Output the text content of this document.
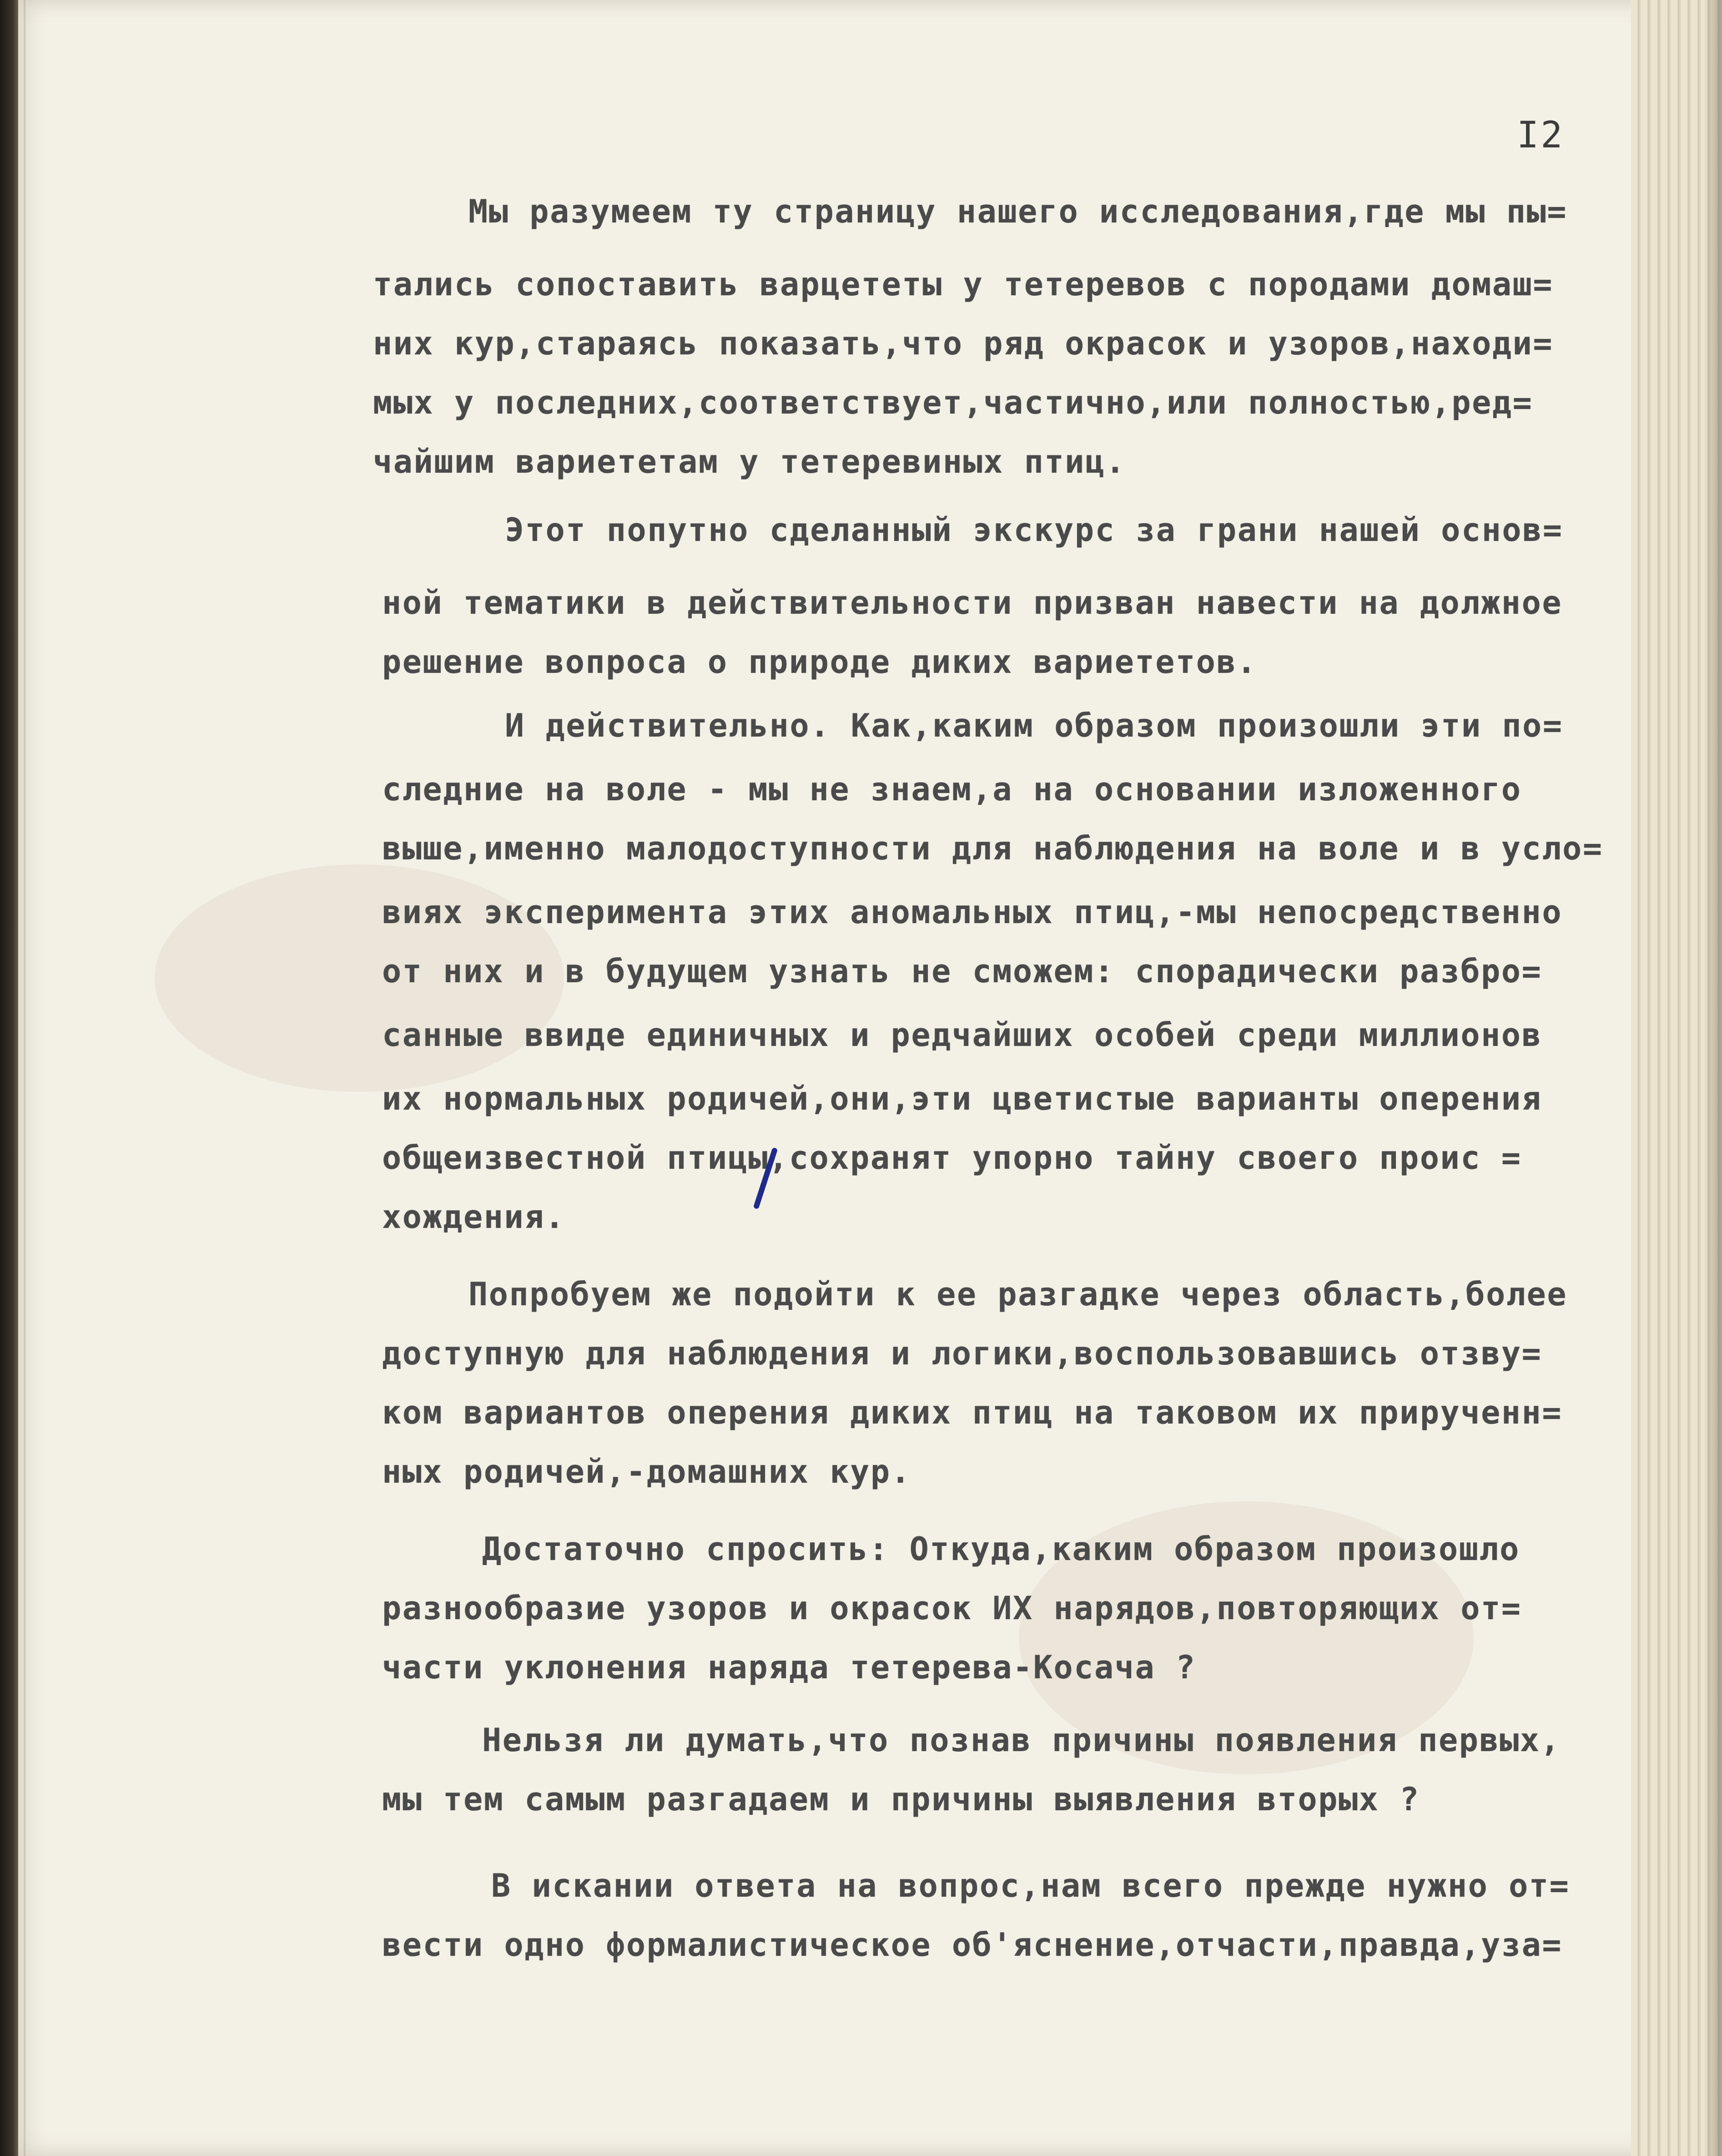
I2
Мы разумеем ту страницу нашего исследования,где мы пы=
тались сопоставить варцететы у тетеревов с породами домаш=
них кур,стараясь показать,что ряд окрасок и узоров,находи=
мых у последних,соответствует,частично,или полностью,ред=
чайшим вариететам у тетеревиных птиц.
Этот попутно сделанный экскурс за грани нашей основ=
ной тематики в действительности призван навести на должное
решение вопроса о природе диких вариететов.
И действительно. Как,каким образом произошли эти по=
следние на воле - мы не знаем,а на основании изложенного
выше,именно малодоступности для наблюдения на воле и в усло=
виях эксперимента этих аномальных птиц,-мы непосредственно
от них и в будущем узнать не сможем: спорадически разбро=
санные ввиде единичных и редчайших особей среди миллионов
их нормальных родичей,они,эти цветистые варианты оперения
общеизвестной птицы,сохранят упорно тайну своего проис =
хождения.
Попробуем же подойти к ее разгадке через область,более
доступную для наблюдения и логики,воспользовавшись отзву=
ком вариантов оперения диких птиц на таковом их прирученн=
ных родичей,-домашних кур.
Достаточно спросить: Откуда,каким образом произошло
разнообразие узоров и окрасок ИХ нарядов,повторяющих от=
части уклонения наряда тетерева-Косача ?
Нельзя ли думать,что познав причины появления первых,
мы тем самым разгадаем и причины выявления вторых ?
В искании ответа на вопрос,нам всего прежде нужно от=
вести одно формалистическое об'яснение,отчасти,правда,уза=
